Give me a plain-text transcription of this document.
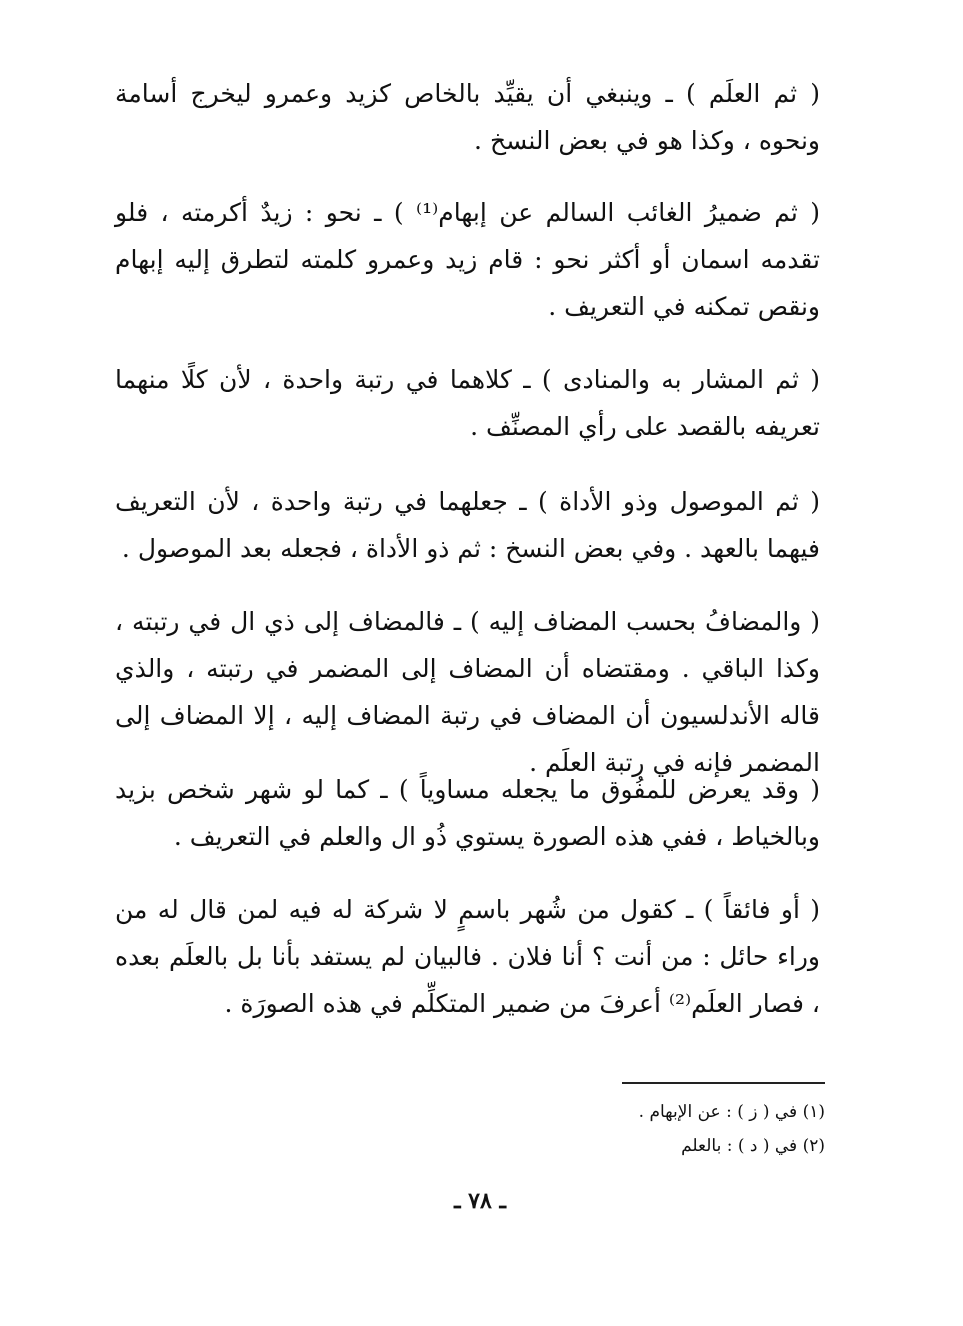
( ثم العلَم ) ـ وينبغي أن يقيِّد بالخاص كزيد وعمرو ليخرج أسامة ونحوه ، وكذا هو في بعض النسخ .

( ثم ضميرُ الغائب السالم عن إبهام⁽¹⁾ ) ـ نحو : زيدٌ أكرمته ، فلو تقدمه اسمان أو أكثر نحو : قام زيد وعمرو كلمته لتطرق إليه إبهام ونقص تمكنه في التعريف .

( ثم المشار به والمنادى ) ـ كلاهما في رتبة واحدة ، لأن كلًا منهما تعريفه بالقصد على رأي المصنِّف .

( ثم الموصول وذو الأداة ) ـ جعلهما في رتبة واحدة ، لأن التعريف فيهما بالعهد . وفي بعض النسخ : ثم ذو الأداة ، فجعله بعد الموصول .

( والمضافُ بحسب المضاف إليه ) ـ فالمضاف إلى ذي ال في رتبته ، وكذا الباقي . ومقتضاه أن المضاف إلى المضمر في رتبته ، والذي قاله الأندلسيون أن المضاف في رتبة المضاف إليه ، إلا المضاف إلى المضمر فإنه في رتبة العلَم .

( وقد يعرض للمفُوق ما يجعله مساوياً ) ـ كما لو شهر شخص بزيد وبالخياط ، ففي هذه الصورة يستوي ذُو ال والعلم في التعريف .

( أو فائقاً ) ـ كقول من شُهر باسمٍ لا شركة له فيه لمن قال له من وراء حائل : من أنت ؟ أنا فلان . فالبيان لم يستفد بأنا بل بالعلَم بعده ، فصار العلَم⁽²⁾ أعرفَ من ضمير المتكلِّم في هذه الصورَة .

(١) في ( ز ) : عن الإبهام .
(٢) في ( د ) : بالعلم
ـ ٧٨ ـ
